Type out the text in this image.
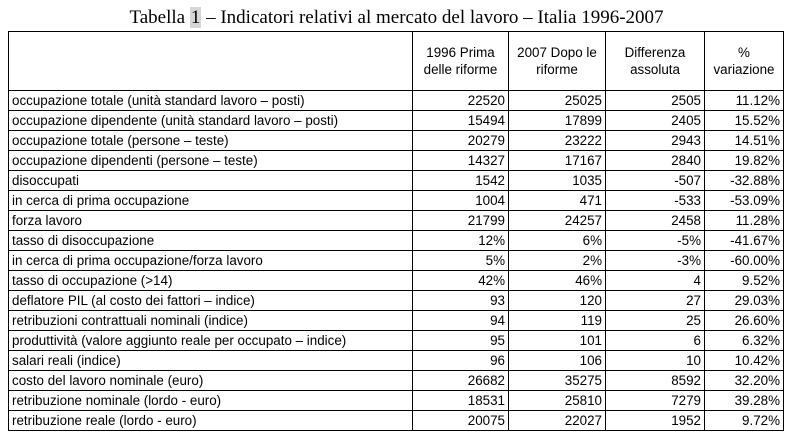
Tabella 1 – Indicatori relativi al mercato del lavoro – Italia 1996-2007
	1996 Prima delle riforme	2007 Dopo le riforme	Differenza assoluta	% variazione
occupazione totale (unità standard lavoro – posti)	22520	25025	2505	11.12%
occupazione dipendente (unità standard lavoro – posti)	15494	17899	2405	15.52%
occupazione totale (persone – teste)	20279	23222	2943	14.51%
occupazione dipendenti (persone – teste)	14327	17167	2840	19.82%
disoccupati	1542	1035	-507	-32.88%
in cerca di prima occupazione	1004	471	-533	-53.09%
forza lavoro	21799	24257	2458	11.28%
tasso di disoccupazione	12%	6%	-5%	-41.67%
in cerca di prima occupazione/forza lavoro	5%	2%	-3%	-60.00%
tasso di occupazione (>14)	42%	46%	4	9.52%
deflatore PIL (al costo dei fattori – indice)	93	120	27	29.03%
retribuzioni contrattuali nominali (indice)	94	119	25	26.60%
produttività (valore aggiunto reale per occupato – indice)	95	101	6	6.32%
salari reali (indice)	96	106	10	10.42%
costo del lavoro nominale (euro)	26682	35275	8592	32.20%
retribuzione nominale (lordo - euro)	18531	25810	7279	39.28%
retribuzione reale (lordo - euro)	20075	22027	1952	9.72%
